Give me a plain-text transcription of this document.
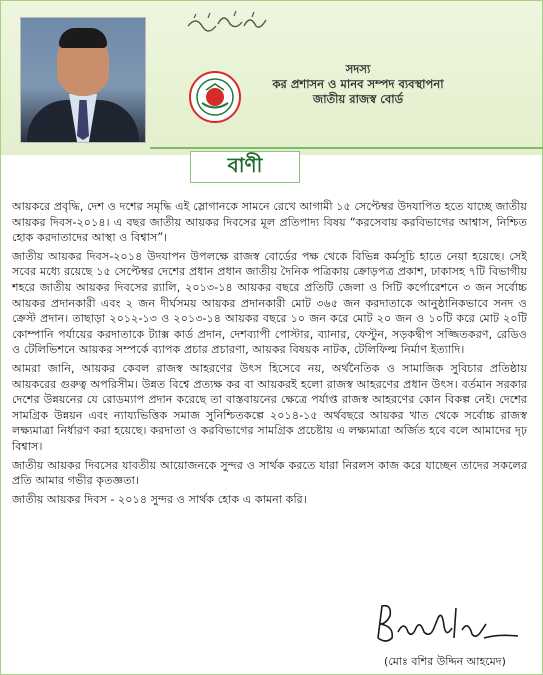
সদস্য
কর প্রশাসন ও মানব সম্পদ ব্যবস্থাপনা
জাতীয় রাজস্ব বোর্ড
বাণী

আয়করে প্রবৃদ্ধি, দেশ ও দশের সমৃদ্ধি এই স্লোগানকে সামনে রেখে আগামী ১৫ সেপ্টেম্বর উদযাপিত হতে যাচ্ছে জাতীয় আয়কর দিবস-২০১৪। এ বছর জাতীয় আয়কর দিবসের মূল প্রতিপাদ্য বিষয় “করসেবায় করবিভাগের আশ্বাস, নিশ্চিত হোক করদাতাদের আস্থা ও বিশ্বাস”।

জাতীয় আয়কর দিবস-২০১৪ উদযাপন উপলক্ষে রাজস্ব বোর্ডের পক্ষ থেকে বিভিন্ন কর্মসূচি হাতে নেয়া হয়েছে। সেই সবের মধ্যে রয়েছে ১৫ সেপ্টেম্বর দেশের প্রধান প্রধান জাতীয় দৈনিক পত্রিকায় ক্রোড়পত্র প্রকাশ, ঢাকাসহ ৭টি বিভাগীয় শহরে জাতীয় আয়কর দিবসের র‍্যালি, ২০১৩-১৪ আয়কর বছরে প্রতিটি জেলা ও সিটি কর্পোরেশনে ৩ জন সর্বোচ্চ আয়কর প্রদানকারী এবং ২ জন দীর্ঘসময় আয়কর প্রদানকারী মোট ৩৬৫ জন করদাতাকে আনুষ্ঠানিকভাবে সনদ ও ক্রেস্ট প্রদান। তাছাড়া ২০১২-১৩ ও ২০১৩-১৪ আয়কর বছরে ১০ জন করে মোট ২০ জন ও ১০টি করে মোট ২০টি কোম্পানি পর্যায়ের করদাতাকে ট্যাক্স কার্ড প্রদান, দেশব্যাপী পোস্টার, ব্যানার, ফেস্টুন, সড়কদ্বীপ সজ্জিতকরণ, রেডিও ও টেলিভিশনে আয়কর সম্পর্কে ব্যাপক প্রচার প্রচারণা, আয়কর বিষয়ক নাটক, টেলিফিল্ম নির্মাণ ইত্যাদি।

আমরা জানি, আয়কর কেবল রাজস্ব আহরণের উৎস হিসেবে নয়, অর্থনৈতিক ও সামাজিক সুবিচার প্রতিষ্ঠায় আয়করের গুরুত্ব অপরিসীম। উন্নত বিশ্বে প্রত্যক্ষ কর বা আয়করই হলো রাজস্ব আহরণের প্রধান উৎস। বর্তমান সরকার দেশের উন্নয়নের যে রোডম্যাপ প্রদান করেছে তা বাস্তবায়নের ক্ষেত্রে পর্যাপ্ত রাজস্ব আহরণের কোন বিকল্প নেই। দেশের সামগ্রিক উন্নয়ন এবং ন্যায্যভিত্তিক সমাজ সুনিশ্চিতকল্পে ২০১৪-১৫ অর্থবছরে আয়কর খাত থেকে সর্বোচ্চ রাজস্ব লক্ষ্যমাত্রা নির্ধারণ করা হয়েছে। করদাতা ও করবিভাগের সামগ্রিক প্রচেষ্টায় এ লক্ষ্যমাত্রা অর্জিত হবে বলে আমাদের দৃঢ় বিশ্বাস।

জাতীয় আয়কর দিবসের যাবতীয় আয়োজনকে সুন্দর ও সার্থক করতে যারা নিরলস কাজ করে যাচ্ছেন তাদের সকলের প্রতি আমার গভীর কৃতজ্ঞতা।

জাতীয় আয়কর দিবস - ২০১৪ সুন্দর ও সার্থক হোক এ কামনা করি।

(মোঃ বশির উদ্দিন আহমেদ)
